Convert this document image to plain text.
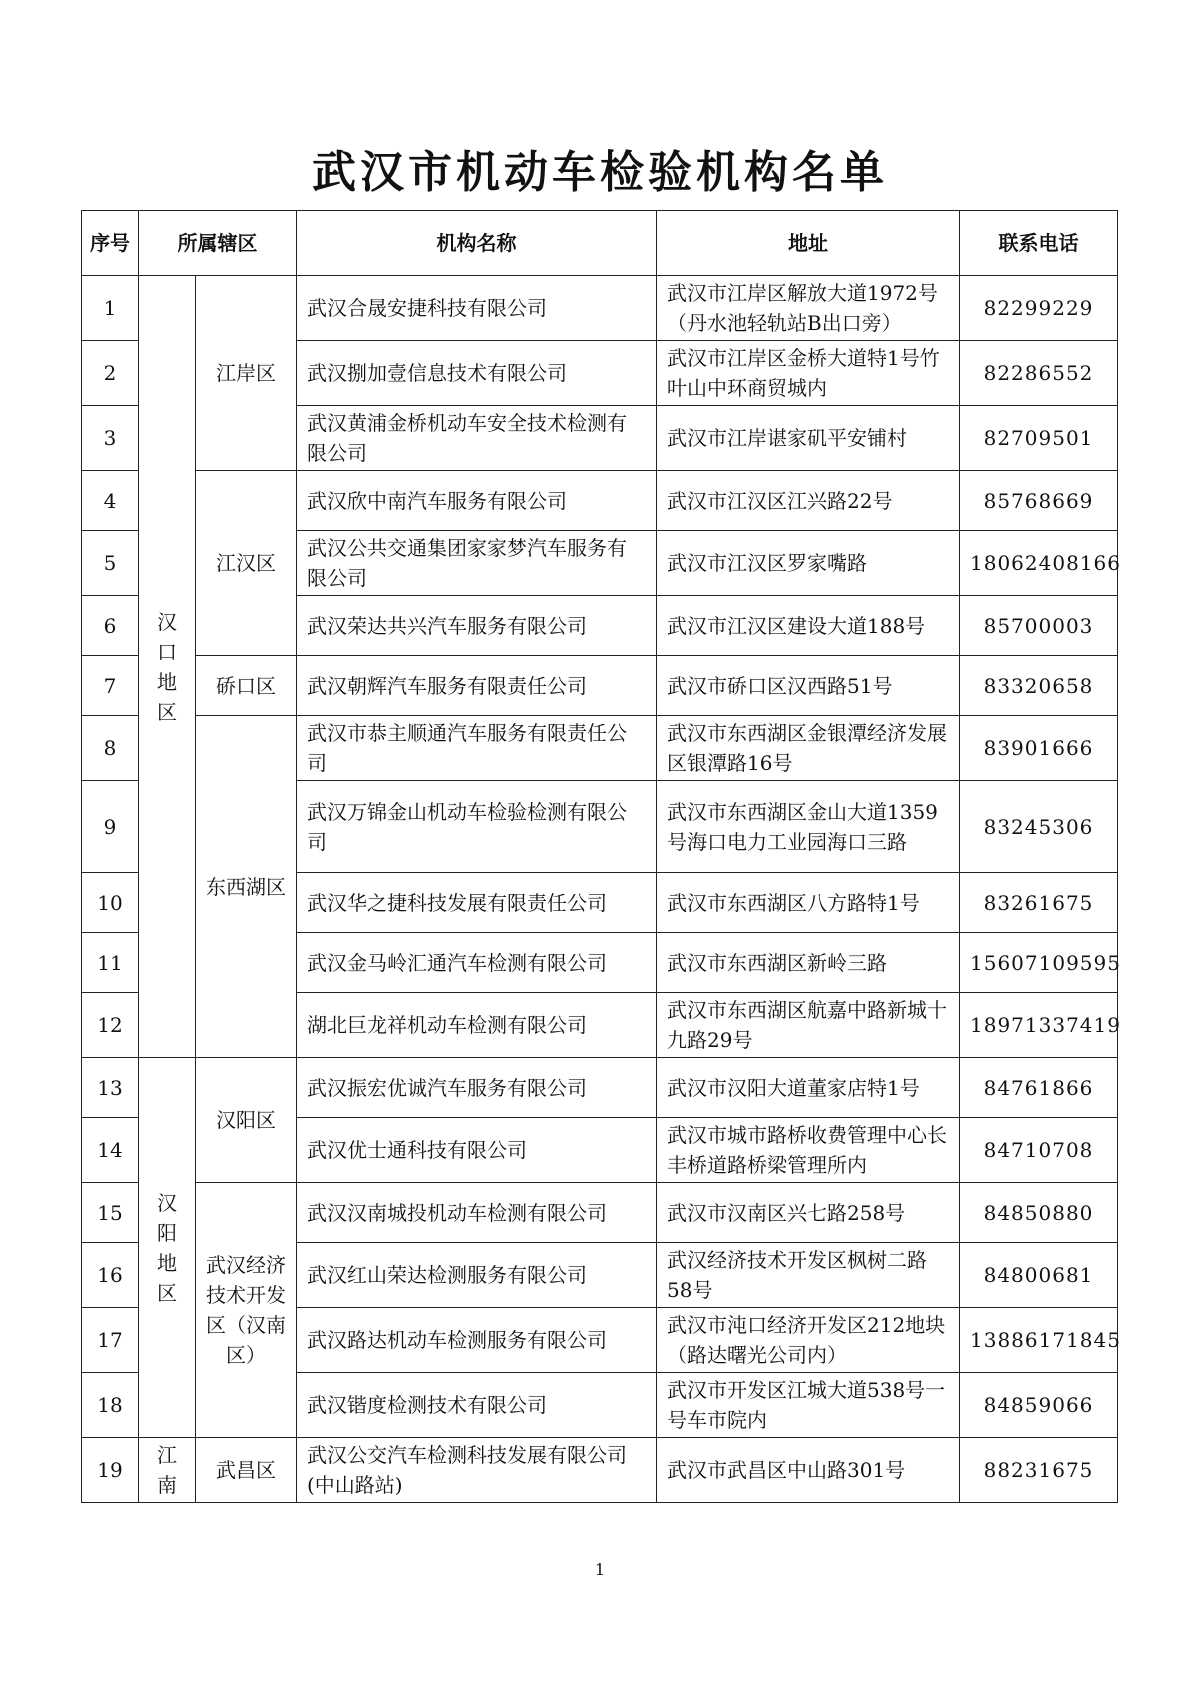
武汉市机动车检验机构名单
序号	所属辖区		机构名称	地址	联系电话
1	汉口地区	江岸区	武汉合晟安捷科技有限公司	武汉市江岸区解放大道1972号（丹水池轻轨站B出口旁）	82299229
2			武汉捌加壹信息技术有限公司	武汉市江岸区金桥大道特1号竹叶山中环商贸城内	82286552
3			武汉黄浦金桥机动车安全技术检测有限公司	武汉市江岸谌家矶平安铺村	82709501
4		江汉区	武汉欣中南汽车服务有限公司	武汉市江汉区江兴路22号	85768669
5			武汉公共交通集团家家梦汽车服务有限公司	武汉市江汉区罗家嘴路	18062408166
6			武汉荣达共兴汽车服务有限公司	武汉市江汉区建设大道188号	85700003
7		硚口区	武汉朝辉汽车服务有限责任公司	武汉市硚口区汉西路51号	83320658
8		东西湖区	武汉市恭主顺通汽车服务有限责任公司	武汉市东西湖区金银潭经济发展区银潭路16号	83901666
9			武汉万锦金山机动车检验检测有限公司	武汉市东西湖区金山大道1359号海口电力工业园海口三路	83245306
10			武汉华之捷科技发展有限责任公司	武汉市东西湖区八方路特1号	83261675
11			武汉金马岭汇通汽车检测有限公司	武汉市东西湖区新岭三路	15607109595
12			湖北巨龙祥机动车检测有限公司	武汉市东西湖区航嘉中路新城十九路29号	18971337419
13	汉阳地区	汉阳区	武汉振宏优诚汽车服务有限公司	武汉市汉阳大道董家店特1号	84761866
14			武汉优士通科技有限公司	武汉市城市路桥收费管理中心长丰桥道路桥梁管理所内	84710708
15		武汉经济技术开发区（汉南区）	武汉汉南城投机动车检测有限公司	武汉市汉南区兴七路258号	84850880
16			武汉红山荣达检测服务有限公司	武汉经济技术开发区枫树二路58号	84800681
17			武汉路达机动车检测服务有限公司	武汉市沌口经济开发区212地块（路达曙光公司内）	13886171845
18			武汉锴度检测技术有限公司	武汉市开发区江城大道538号一号车市院内	84859066
19	江南	武昌区	武汉公交汽车检测科技发展有限公司(中山路站)	武汉市武昌区中山路301号	88231675
1
